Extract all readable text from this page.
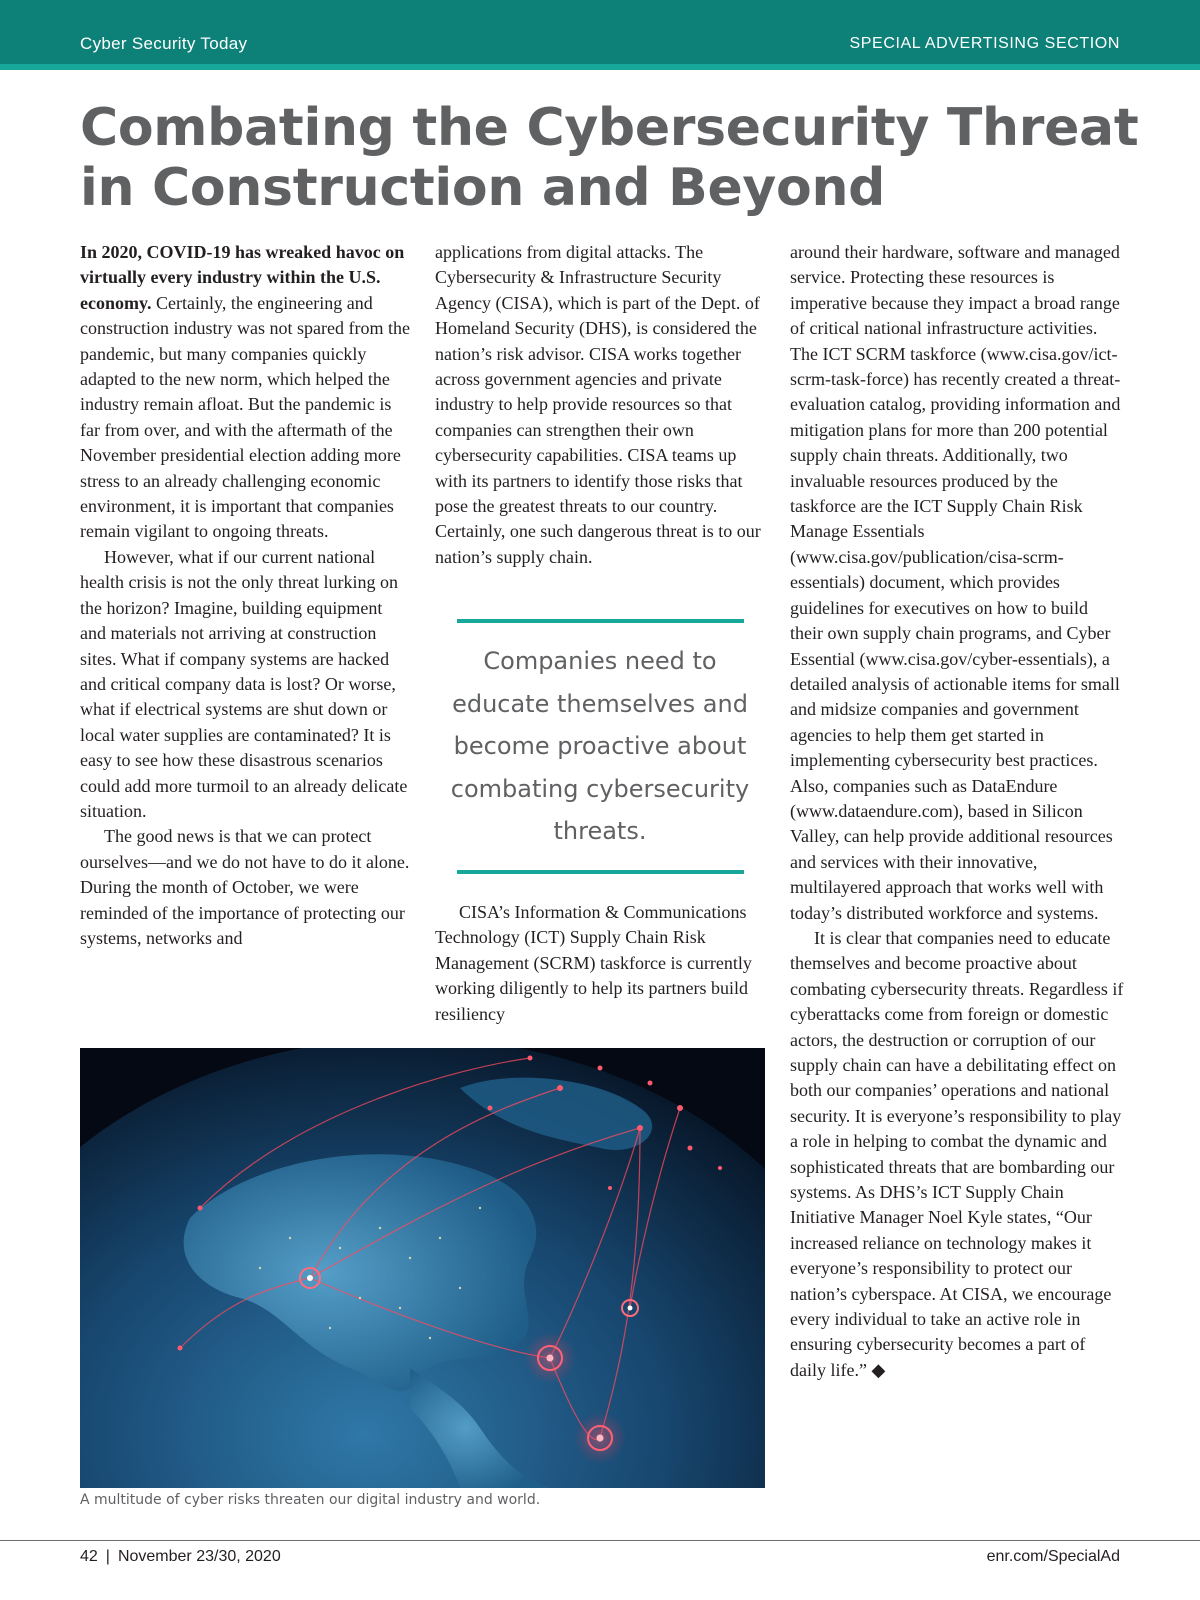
Cyber Security Today	SPECIAL ADVERTISING SECTION
Combating the Cybersecurity Threat in Construction and Beyond

In 2020, COVID-19 has wreaked havoc on virtually every industry within the U.S. economy. Certainly, the engineering and construction industry was not spared from the pandemic, but many companies quickly adapted to the new norm, which helped the industry remain afloat. But the pandemic is far from over, and with the aftermath of the November presidential election adding more stress to an already challenging economic environment, it is important that companies remain vigilant to ongoing threats.

However, what if our current national health crisis is not the only threat lurking on the horizon? Imagine, building equipment and materials not arriving at construction sites. What if company systems are hacked and critical company data is lost? Or worse, what if electrical systems are shut down or local water supplies are contaminated? It is easy to see how these disastrous scenarios could add more turmoil to an already delicate situation.

The good news is that we can protect ourselves—and we do not have to do it alone. During the month of October, we were reminded of the importance of protecting our systems, networks and

applications from digital attacks. The Cybersecurity & Infrastructure Security Agency (CISA), which is part of the Dept. of Homeland Security (DHS), is considered the nation’s risk advisor. CISA works together across government agencies and private industry to help provide resources so that companies can strengthen their own cybersecurity capabilities. CISA teams up with its partners to identify those risks that pose the greatest threats to our country. Certainly, one such dangerous threat is to our nation’s supply chain.

Companies need to educate themselves and become proactive about combating cybersecurity threats.

CISA’s Information & Communications Technology (ICT) Supply Chain Risk Management (SCRM) taskforce is currently working diligently to help its partners build resiliency

around their hardware, software and managed service. Protecting these resources is imperative because they impact a broad range of critical national infrastructure activities. The ICT SCRM taskforce (www.cisa.gov/ict-scrm-task-force) has recently created a threat-evaluation catalog, providing information and mitigation plans for more than 200 potential supply chain threats. Additionally, two invaluable resources produced by the taskforce are the ICT Supply Chain Risk Manage Essentials (www.cisa.gov/publication/cisa-scrm-essentials) document, which provides guidelines for executives on how to build their own supply chain programs, and Cyber Essential (www.cisa.gov/cyber-essentials), a detailed analysis of actionable items for small and midsize companies and government agencies to help them get started in implementing cybersecurity best practices. Also, companies such as DataEndure (www.dataendure.com), based in Silicon Valley, can help provide additional resources and services with their innovative, multilayered approach that works well with today’s distributed workforce and systems.

It is clear that companies need to educate themselves and become proactive about combating cybersecurity threats. Regardless if cyberattacks come from foreign or domestic actors, the destruction or corruption of our supply chain can have a debilitating effect on both our companies’ operations and national security. It is everyone’s responsibility to play a role in helping to combat the dynamic and sophisticated threats that are bombarding our systems. As DHS’s ICT Supply Chain Initiative Manager Noel Kyle states, “Our increased reliance on technology makes it everyone’s responsibility to protect our nation’s cyberspace. At CISA, we encourage every individual to take an active role in ensuring cybersecurity becomes a part of daily life.” ◆

A multitude of cyber risks threaten our digital industry and world.
42 | November 23/30, 2020	enr.com/SpecialAd
